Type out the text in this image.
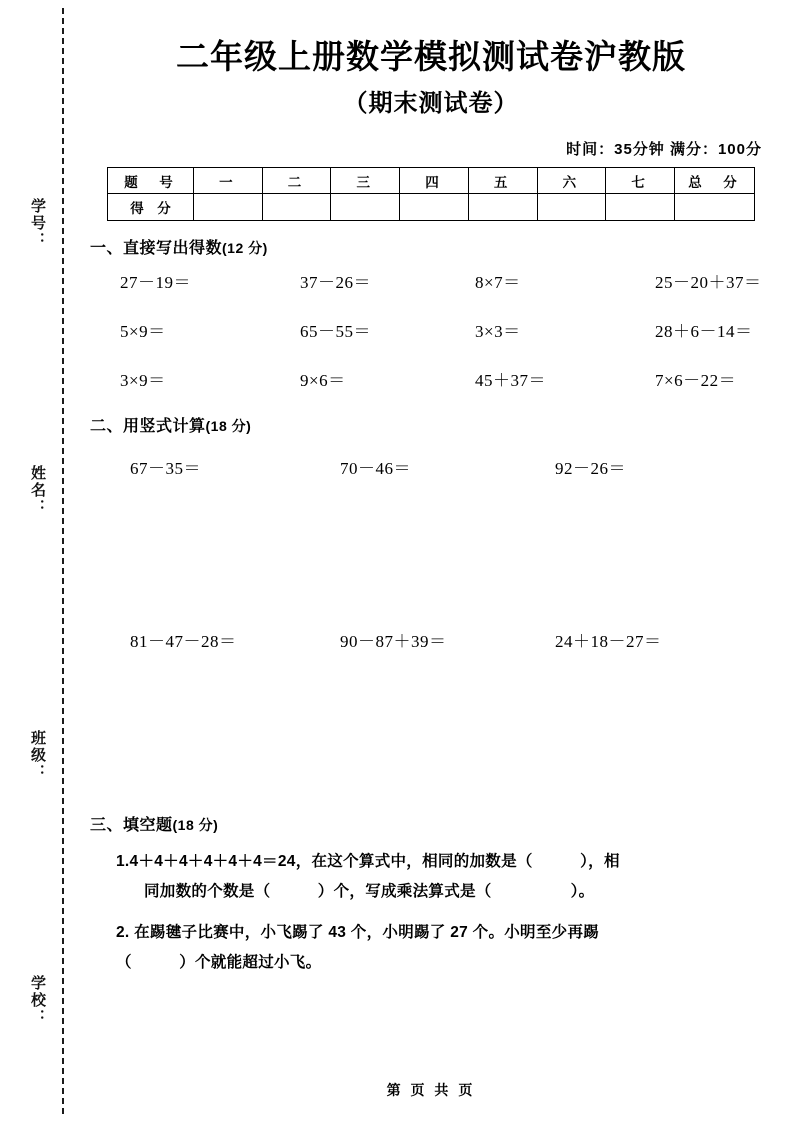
学号：
姓名：
班级：
学校：
二年级上册数学模拟测试卷沪教版
（期末测试卷）
时间：35分钟 满分：100分
题　号	一	二	三	四	五	六	七	总　分
得　分								
一、直接写出得数(12 分)
27－19＝	37－26＝	8×7＝	25－20＋37＝
5×9＝	65－55＝	3×3＝	28＋6－14＝
3×9＝	9×6＝	45＋37＝	7×6－22＝
二、用竖式计算(18 分)
67－35＝	70－46＝	92－26＝
81－47－28＝	90－87＋39＝	24＋18－27＝
三、填空题(18 分)
1.4＋4＋4＋4＋4＋4＝24，在这个算式中，相同的加数是（　　　），相
同加数的个数是（　　　）个，写成乘法算式是（　　　　　）。
2. 在踢毽子比赛中，小飞踢了 43 个，小明踢了 27 个。小明至少再踢
（　　　）个就能超过小飞。
第 页 共 页
